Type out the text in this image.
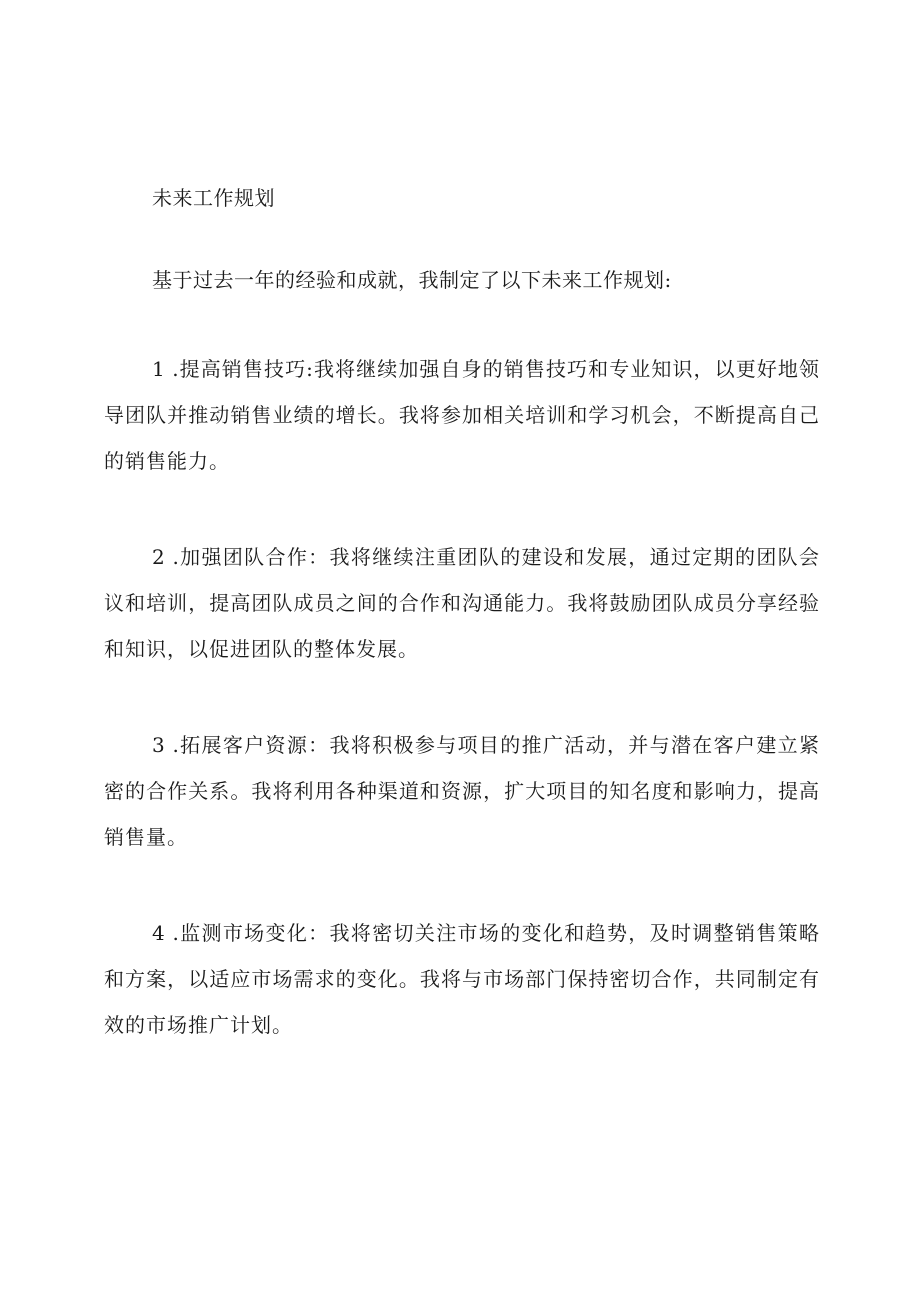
未来工作规划

基于过去一年的经验和成就，我制定了以下未来工作规划:

1 .提高销售技巧:我将继续加强自身的销售技巧和专业知识，以更好地领导团队并推动销售业绩的增长。我将参加相关培训和学习机会，不断提高自己的销售能力。

2 .加强团队合作：我将继续注重团队的建设和发展，通过定期的团队会议和培训，提高团队成员之间的合作和沟通能力。我将鼓励团队成员分享经验和知识，以促进团队的整体发展。

3 .拓展客户资源：我将积极参与项目的推广活动，并与潜在客户建立紧密的合作关系。我将利用各种渠道和资源，扩大项目的知名度和影响力，提高销售量。

4 .监测市场变化：我将密切关注市场的变化和趋势，及时调整销售策略和方案，以适应市场需求的变化。我将与市场部门保持密切合作，共同制定有效的市场推广计划。
